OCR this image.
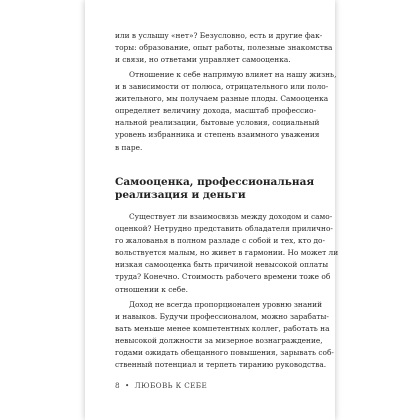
или в услышу «нет»? Безусловно, есть и другие фак-
торы: образование, опыт работы, полезные знакомства
и связи, но ответами управляет самооценка.
Отношение к себе напрямую влияет на нашу жизнь,
и в зависимости от полюса, отрицательного или поло-
жительного, мы получаем разные плоды. Самооценка
определяет величину дохода, масштаб профессио-
нальной реализации, бытовые условия, социальный
уровень избранника и степень взаимного уважения
в паре.
Самооценка, профессиональная
реализация и деньги
Существует ли взаимосвязь между доходом и само-
оценкой? Нетрудно представить обладателя прилично-
го жалованья в полном разладе с собой и тех, кто до-
вольствуется малым, но живет в гармонии. Но может ли
низкая самооценка быть причиной невысокой оплаты
труда? Конечно. Стоимость рабочего времени тоже об
отношении к себе.
Доход не всегда пропорционален уровню знаний
и навыков. Будучи профессионалом, можно зарабаты-
вать меньше менее компетентных коллег, работать на
невысокой должности за мизерное вознаграждение,
годами ожидать обещанного повышения, зарывать соб-
ственный потенциал и терпеть тиранию руководства.
8 • ЛЮБОВЬ К СЕБЕ
